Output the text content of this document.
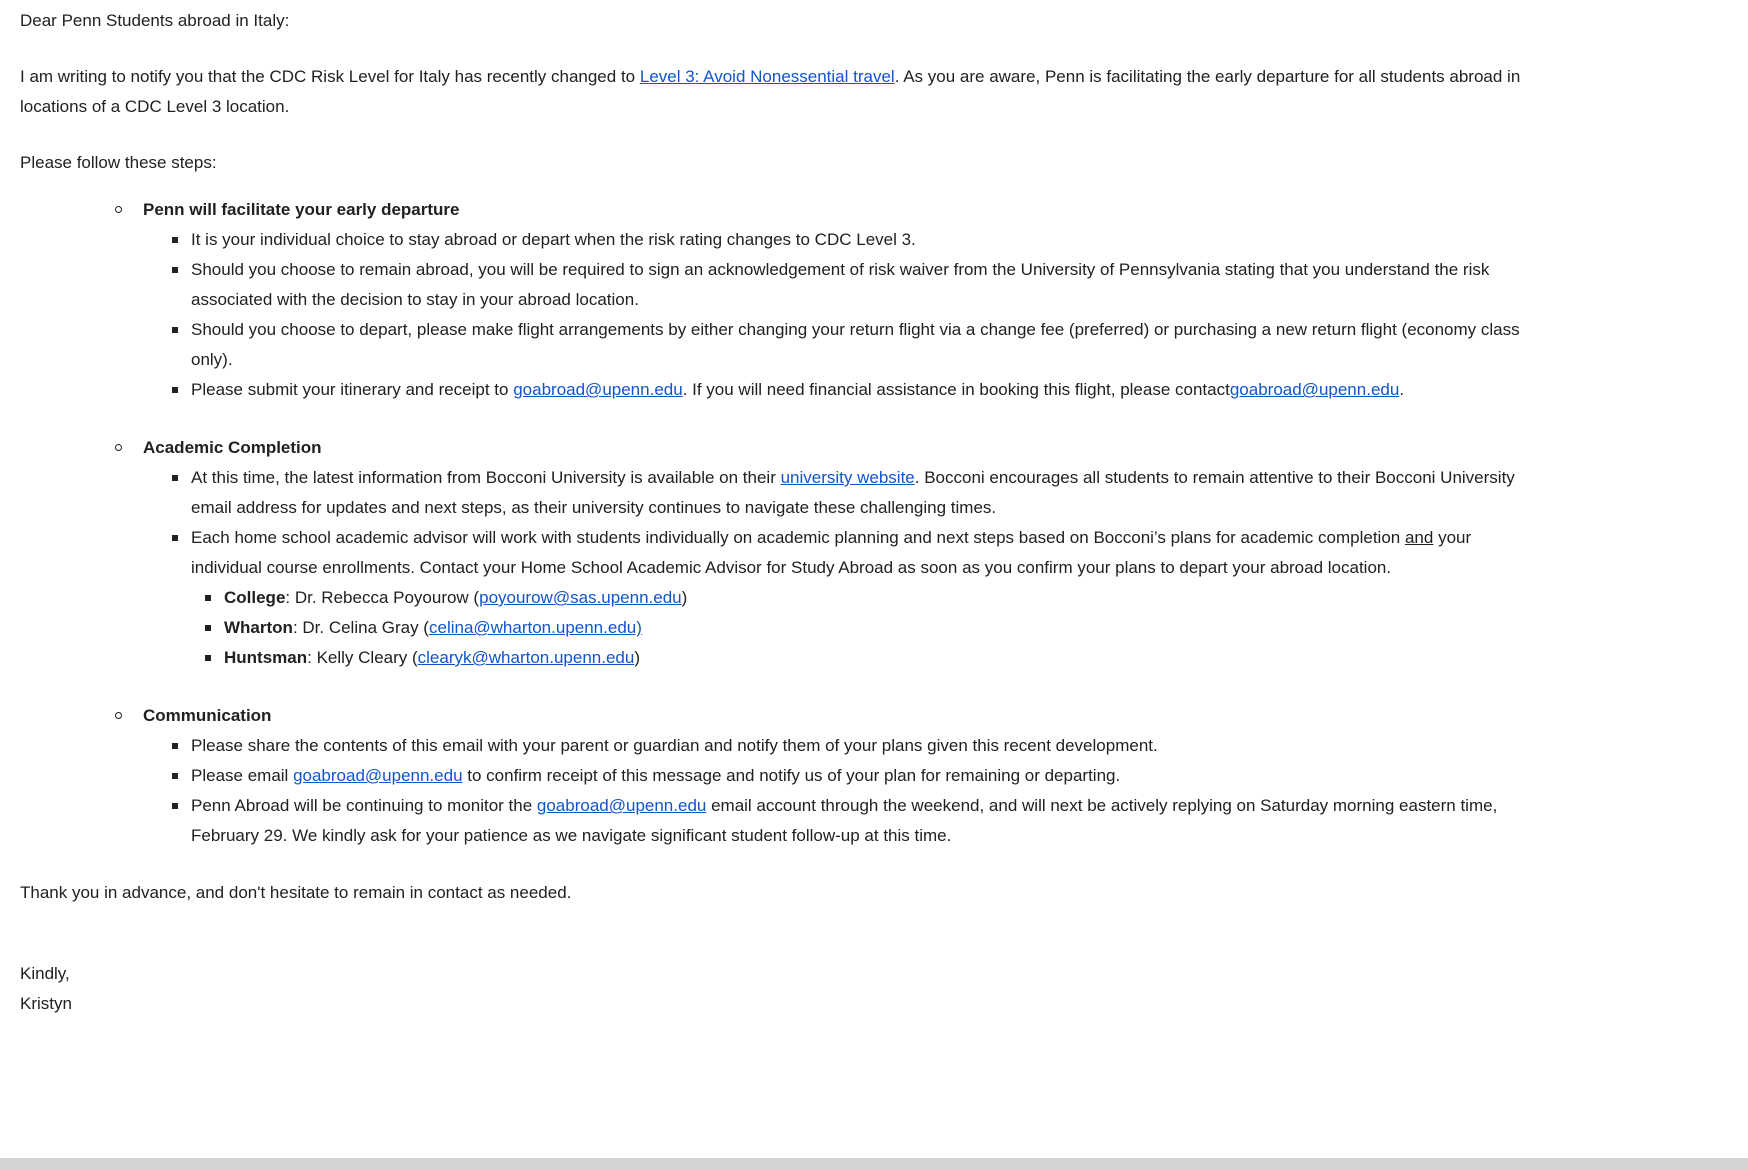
Dear Penn Students abroad in Italy:

I am writing to notify you that the CDC Risk Level for Italy has recently changed to Level 3: Avoid Nonessential travel. As you are aware, Penn is facilitating the early departure for all students abroad in locations of a CDC Level 3 location.

Please follow these steps:

Penn will facilitate your early departure
It is your individual choice to stay abroad or depart when the risk rating changes to CDC Level 3.
Should you choose to remain abroad, you will be required to sign an acknowledgement of risk waiver from the University of Pennsylvania stating that you understand the risk associated with the decision to stay in your abroad location.
Should you choose to depart, please make flight arrangements by either changing your return flight via a change fee (preferred) or purchasing a new return flight (economy class only).
Please submit your itinerary and receipt to goabroad@upenn.edu. If you will need financial assistance in booking this flight, please contactgoabroad@upenn.edu.
Academic Completion
At this time, the latest information from Bocconi University is available on their university website. Bocconi encourages all students to remain attentive to their Bocconi University email address for updates and next steps, as their university continues to navigate these challenging times.
Each home school academic advisor will work with students individually on academic planning and next steps based on Bocconi’s plans for academic completion and your individual course enrollments. Contact your Home School Academic Advisor for Study Abroad as soon as you confirm your plans to depart your abroad location.
College: Dr. Rebecca Poyourow (poyourow@sas.upenn.edu)
Wharton: Dr. Celina Gray (celina@wharton.upenn.edu)
Huntsman: Kelly Cleary (clearyk@wharton.upenn.edu)
Communication
Please share the contents of this email with your parent or guardian and notify them of your plans given this recent development.
Please email goabroad@upenn.edu to confirm receipt of this message and notify us of your plan for remaining or departing.
Penn Abroad will be continuing to monitor the goabroad@upenn.edu email account through the weekend, and will next be actively replying on Saturday morning eastern time, February 29. We kindly ask for your patience as we navigate significant student follow-up at this time.

Thank you in advance, and don't hesitate to remain in contact as needed.

Kindly,
Kristyn
